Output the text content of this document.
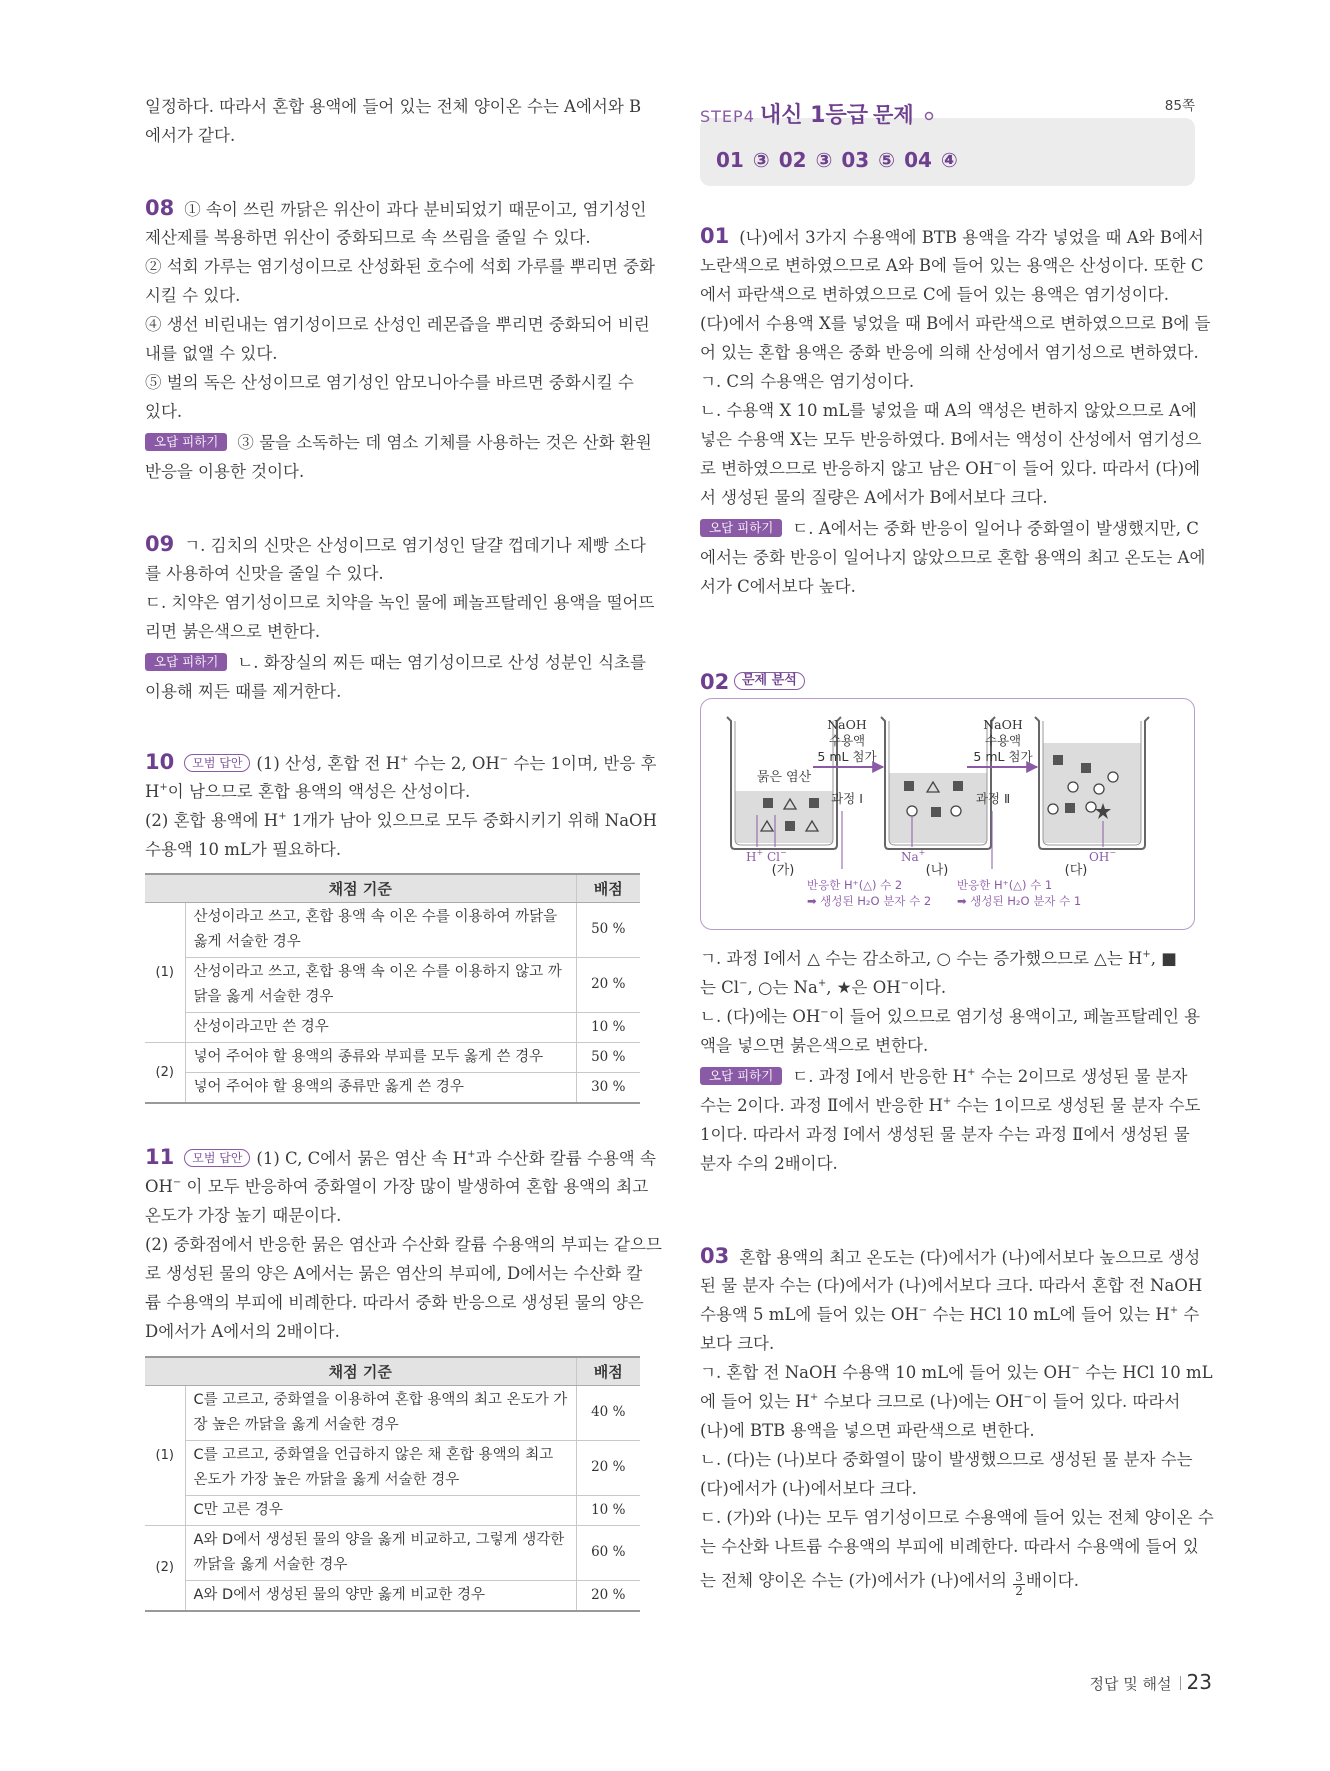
일정하다. 따라서 혼합 용액에 들어 있는 전체 양이온 수는 A에서와 B
에서가 같다.
08 ① 속이 쓰린 까닭은 위산이 과다 분비되었기 때문이고, 염기성인
제산제를 복용하면 위산이 중화되므로 속 쓰림을 줄일 수 있다.
② 석회 가루는 염기성이므로 산성화된 호수에 석회 가루를 뿌리면 중화
시킬 수 있다.
④ 생선 비린내는 염기성이므로 산성인 레몬즙을 뿌리면 중화되어 비린
내를 없앨 수 있다.
⑤ 벌의 독은 산성이므로 염기성인 암모니아수를 바르면 중화시킬 수
있다.
오답 피하기 ③ 물을 소독하는 데 염소 기체를 사용하는 것은 산화 환원
반응을 이용한 것이다.
09 ㄱ. 김치의 신맛은 산성이므로 염기성인 달걀 껍데기나 제빵 소다
를 사용하여 신맛을 줄일 수 있다.
ㄷ. 치약은 염기성이므로 치약을 녹인 물에 페놀프탈레인 용액을 떨어뜨
리면 붉은색으로 변한다.
오답 피하기 ㄴ. 화장실의 찌든 때는 염기성이므로 산성 성분인 식초를
이용해 찌든 때를 제거한다.
10 모범 답안 (1) 산성, 혼합 전 H+ 수는 2, OH− 수는 1이며, 반응 후
H+이 남으므로 혼합 용액의 액성은 산성이다.
(2) 혼합 용액에 H+ 1개가 남아 있으므로 모두 중화시키기 위해 NaOH
수용액 10 mL가 필요하다.
채점 기준		배점
(1)	산성이라고 쓰고, 혼합 용액 속 이온 수를 이용하여 까닭을 옳게 서술한 경우	50 %
	산성이라고 쓰고, 혼합 용액 속 이온 수를 이용하지 않고 까닭을 옳게 서술한 경우	20 %
	산성이라고만 쓴 경우	10 %
(2)	넣어 주어야 할 용액의 종류와 부피를 모두 옳게 쓴 경우	50 %
	넣어 주어야 할 용액의 종류만 옳게 쓴 경우	30 %
11 모범 답안 (1) C, C에서 묽은 염산 속 H+과 수산화 칼륨 수용액 속
OH− 이 모두 반응하여 중화열이 가장 많이 발생하여 혼합 용액의 최고
온도가 가장 높기 때문이다.
(2) 중화점에서 반응한 묽은 염산과 수산화 칼륨 수용액의 부피는 같으므
로 생성된 물의 양은 A에서는 묽은 염산의 부피에, D에서는 수산화 칼
륨 수용액의 부피에 비례한다. 따라서 중화 반응으로 생성된 물의 양은
D에서가 A에서의 2배이다.
채점 기준		배점
(1)	C를 고르고, 중화열을 이용하여 혼합 용액의 최고 온도가 가장 높은 까닭을 옳게 서술한 경우	40 %
	C를 고르고, 중화열을 언급하지 않은 채 혼합 용액의 최고 온도가 가장 높은 까닭을 옳게 서술한 경우	20 %
	C만 고른 경우	10 %
(2)	A와 D에서 생성된 물의 양을 옳게 비교하고, 그렇게 생각한 까닭을 옳게 서술한 경우	60 %
	A와 D에서 생성된 물의 양만 옳게 비교한 경우	20 %
STEP4 내신 1등급 문제	85쪽
01 ③ 02 ③ 03 ⑤ 04 ④
01 (나)에서 3가지 수용액에 BTB 용액을 각각 넣었을 때 A와 B에서
노란색으로 변하였으므로 A와 B에 들어 있는 용액은 산성이다. 또한 C
에서 파란색으로 변하였으므로 C에 들어 있는 용액은 염기성이다.
(다)에서 수용액 X를 넣었을 때 B에서 파란색으로 변하였으므로 B에 들
어 있는 혼합 용액은 중화 반응에 의해 산성에서 염기성으로 변하였다.
ㄱ. C의 수용액은 염기성이다.
ㄴ. 수용액 X 10 mL를 넣었을 때 A의 액성은 변하지 않았으므로 A에
넣은 수용액 X는 모두 반응하였다. B에서는 액성이 산성에서 염기성으
로 변하였으므로 반응하지 않고 남은 OH−이 들어 있다. 따라서 (다)에
서 생성된 물의 질량은 A에서가 B에서보다 크다.
오답 피하기 ㄷ. A에서는 중화 반응이 일어나 중화열이 발생했지만, C
에서는 중화 반응이 일어나지 않았으므로 혼합 용액의 최고 온도는 A에
서가 C에서보다 높다.
02
묽은 염산
H+ Cl−
(가)
NaOH
수용액
5 mL 첨가
과정 Ⅰ
반응한 H⁺(△) 수 2
➡ 생성된 H₂O 분자 수 2
Na+
(나)
NaOH
수용액
5 mL 첨가
과정 Ⅱ
반응한 H⁺(△) 수 1
➡ 생성된 H₂O 분자 수 1
OH−
(다)
문제 분석
ㄱ. 과정 Ⅰ에서 △ 수는 감소하고, ○ 수는 증가했으므로 △는 H+, ■
는 Cl−, ○는 Na+, ★은 OH−이다.
ㄴ. (다)에는 OH−이 들어 있으므로 염기성 용액이고, 페놀프탈레인 용
액을 넣으면 붉은색으로 변한다.
오답 피하기 ㄷ. 과정 Ⅰ에서 반응한 H+ 수는 2이므로 생성된 물 분자
수는 2이다. 과정 Ⅱ에서 반응한 H+ 수는 1이므로 생성된 물 분자 수도
1이다. 따라서 과정 Ⅰ에서 생성된 물 분자 수는 과정 Ⅱ에서 생성된 물
분자 수의 2배이다.
03 혼합 용액의 최고 온도는 (다)에서가 (나)에서보다 높으므로 생성
된 물 분자 수는 (다)에서가 (나)에서보다 크다. 따라서 혼합 전 NaOH
수용액 5 mL에 들어 있는 OH− 수는 HCl 10 mL에 들어 있는 H+ 수
보다 크다.
ㄱ. 혼합 전 NaOH 수용액 10 mL에 들어 있는 OH− 수는 HCl 10 mL
에 들어 있는 H+ 수보다 크므로 (나)에는 OH−이 들어 있다. 따라서
(나)에 BTB 용액을 넣으면 파란색으로 변한다.
ㄴ. (다)는 (나)보다 중화열이 많이 발생했으므로 생성된 물 분자 수는
(다)에서가 (나)에서보다 크다.
ㄷ. (가)와 (나)는 모두 염기성이므로 수용액에 들어 있는 전체 양이온 수
는 수산화 나트륨 수용액의 부피에 비례한다. 따라서 수용액에 들어 있
는 전체 양이온 수는 (가)에서가 (나)에서의 $\frac{3}{2}$ 배이다.
정답 및 해설 23
